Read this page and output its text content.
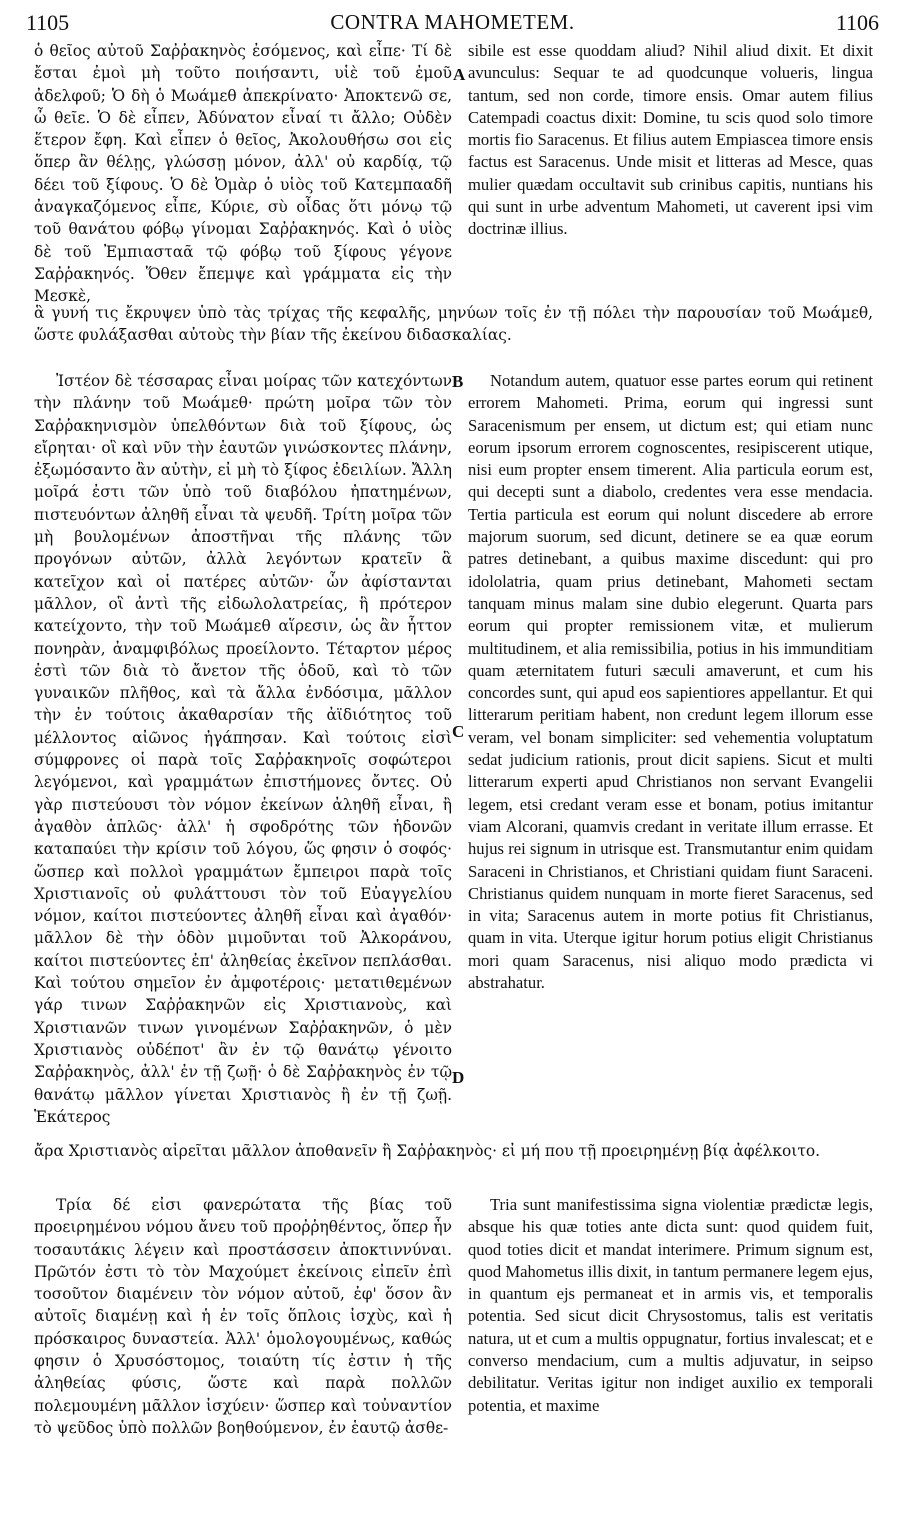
1105	CONTRA MAHOMETEM.	1106

ὁ θεῖος αὐτοῦ Σαῤῥακηνὸς ἐσόμενος, καὶ εἶπε· Τί δὲ ἔσται ἐμοὶ μὴ τοῦτο ποιήσαντι, υἱὲ τοῦ ἐμοῦ ἀδελφοῦ; Ὁ δὴ ὁ Μωάμεθ ἀπεκρίνατο· Ἀποκτενῶ σε, ὦ θεῖε. Ὁ δὲ εἶπεν, Ἀδύνατον εἶναί τι ἄλλο; Οὐδὲν ἕτερον ἔφη. Καὶ εἶπεν ὁ θεῖος, Ἀκολουθήσω σοι εἰς ὅπερ ἂν θέλῃς, γλώσσῃ μόνον, ἀλλ' οὐ καρδίᾳ, τῷ δέει τοῦ ξίφους. Ὁ δὲ Ὀμὰρ ὁ υἱὸς τοῦ Κατεμπααδῆ ἀναγκαζόμενος εἶπε, Κύριε, σὺ οἶδας ὅτι μόνῳ τῷ τοῦ θανάτου φόβῳ γίνομαι Σαῤῥακηνός. Καὶ ὁ υἱὸς δὲ τοῦ Ἐμπιασταᾶ τῷ φόβῳ τοῦ ξίφους γέγονε Σαῤῥακηνός. Ὅθεν ἔπεμψε καὶ γράμματα εἰς τὴν Μεσκὲ,

sibile est esse quoddam aliud? Nihil aliud dixit. Et dixit avunculus: Sequar te ad quodcunque volueris, lingua tantum, sed non corde, timore ensis. Omar autem filius Catempadi coactus dixit: Domine, tu scis quod solo timore mortis fio Saracenus. Et filius autem Empiascea timore ensis factus est Saracenus. Unde misit et litteras ad Mesce, quas mulier quædam occultavit sub crinibus capitis, nuntians his qui sunt in urbe adventum Mahometi, ut caverent ipsi vim doctrinæ illius.

A

ἃ γυνή τις ἔκρυψεν ὑπὸ τὰς τρίχας τῆς κεφαλῆς, μηνύων τοῖς ἐν τῇ πόλει τὴν παρουσίαν τοῦ Μωάμεθ, ὥστε φυλάξασθαι αὐτοὺς τὴν βίαν τῆς ἐκείνου διδασκαλίας.

Ἰστέον δὲ τέσσαρας εἶναι μοίρας τῶν κατεχόντων τὴν πλάνην τοῦ Μωάμεθ· πρώτη μοῖρα τῶν τὸν Σαῤῥακηνισμὸν ὑπελθόντων διὰ τοῦ ξίφους, ὡς εἴρηται· οἳ καὶ νῦν τὴν ἑαυτῶν γινώσκοντες πλάνην, ἐξωμόσαντο ἂν αὐτὴν, εἰ μὴ τὸ ξίφος ἐδειλίων. Ἄλλη μοῖρά ἐστι τῶν ὑπὸ τοῦ διαβόλου ἠπατημένων, πιστευόντων ἀληθῆ εἶναι τὰ ψευδῆ. Τρίτη μοῖρα τῶν μὴ βουλομένων ἀποστῆναι τῆς πλάνης τῶν προγόνων αὐτῶν, ἀλλὰ λεγόντων κρατεῖν ἃ κατεῖχον καὶ οἱ πατέρες αὐτῶν· ὧν ἀφίστανται μᾶλλον, οἳ ἀντὶ τῆς εἰδωλολατρείας, ἣ πρότερον κατείχοντο, τὴν τοῦ Μωάμεθ αἵρεσιν, ὡς ἂν ἧττον πονηρὰν, ἀναμφιβόλως προείλοντο. Τέταρτον μέρος ἐστὶ τῶν διὰ τὸ ἄνετον τῆς ὁδοῦ, καὶ τὸ τῶν γυναικῶν πλῆθος, καὶ τὰ ἄλλα ἐνδόσιμα, μᾶλλον τὴν ἐν τούτοις ἀκαθαρσίαν τῆς ἀϊδιότητος τοῦ μέλλοντος αἰῶνος ἠγάπησαν. Καὶ τούτοις εἰσὶ σύμφρονες οἱ παρὰ τοῖς Σαῤῥακηνοῖς σοφώτεροι λεγόμενοι, καὶ γραμμάτων ἐπιστήμονες ὄντες. Οὐ γὰρ πιστεύουσι τὸν νόμον ἐκείνων ἀληθῆ εἶναι, ἢ ἀγαθὸν ἁπλῶς· ἀλλ' ἡ σφοδρότης τῶν ἡδονῶν καταπαύει τὴν κρίσιν τοῦ λόγου, ὥς φησιν ὁ σοφός· ὥσπερ καὶ πολλοὶ γραμμάτων ἔμπειροι παρὰ τοῖς Χριστιανοῖς οὐ φυλάττουσι τὸν τοῦ Εὐαγγελίου νόμον, καίτοι πιστεύοντες ἀληθῆ εἶναι καὶ ἀγαθόν· μᾶλλον δὲ τὴν ὁδὸν μιμοῦνται τοῦ Ἀλκοράνου, καίτοι πιστεύοντες ἐπ' ἀληθείας ἐκεῖνον πεπλάσθαι. Καὶ τούτου σημεῖον ἐν ἀμφοτέροις· μετατιθεμένων γάρ τινων Σαῤῥακηνῶν εἰς Χριστιανοὺς, καὶ Χριστιανῶν τινων γινομένων Σαῤῥακηνῶν, ὁ μὲν Χριστιανὸς οὐδέποτ' ἂν ἐν τῷ θανάτῳ γένοιτο Σαῤῥακηνὸς, ἀλλ' ἐν τῇ ζωῇ· ὁ δὲ Σαῤῥακηνὸς ἐν τῷ θανάτῳ μᾶλλον γίνεται Χριστιανὸς ἢ ἐν τῇ ζωῇ. Ἑκάτερος

Notandum autem, quatuor esse partes eorum qui retinent errorem Mahometi. Prima, eorum qui ingressi sunt Saracenismum per ensem, ut dictum est; qui etiam nunc eorum ipsorum errorem cognoscentes, resipiscerent utique, nisi eum propter ensem timerent. Alia particula eorum est, qui decepti sunt a diabolo, credentes vera esse mendacia. Tertia particula est eorum qui nolunt discedere ab errore majorum suorum, sed dicunt, detinere se ea quæ eorum patres detinebant, a quibus maxime discedunt: qui pro idololatria, quam prius detinebant, Mahometi sectam tanquam minus malam sine dubio elegerunt. Quarta pars eorum qui propter remissionem vitæ, et mulierum multitudinem, et alia remissibilia, potius in his immunditiam quam æternitatem futuri sæculi amaverunt, et cum his concordes sunt, qui apud eos sapientiores appellantur. Et qui litterarum peritiam habent, non credunt legem illorum esse veram, vel bonam simpliciter: sed vehementia voluptatum sedat judicium rationis, prout dicit sapiens. Sicut et multi litterarum experti apud Christianos non servant Evangelii legem, etsi credant veram esse et bonam, potius imitantur viam Alcorani, quamvis credant in veritate illum errasse. Et hujus rei signum in utrisque est. Transmutantur enim quidam Saraceni in Christianos, et Christiani quidam fiunt Saraceni. Christianus quidem nunquam in morte fieret Saracenus, sed in vita; Saracenus autem in morte potius fit Christianus, quam in vita. Uterque igitur horum potius eligit Christianus mori quam Saracenus, nisi aliquo modo prædicta vi abstrahatur.

B
C
D

ἄρα Χριστιανὸς αἱρεῖται μᾶλλον ἀποθανεῖν ἢ Σαῤῥακηνὸς· εἰ μή που τῇ προειρημένῃ βίᾳ ἀφέλκοιτο.

Τρία δέ εἰσι φανερώτατα τῆς βίας τοῦ προειρημένου νόμου ἄνευ τοῦ προῤῥηθέντος, ὅπερ ἦν τοσαυτάκις λέγειν καὶ προστάσσειν ἀποκτιννύναι. Πρῶτόν ἐστι τὸ τὸν Μαχούμετ ἐκείνοις εἰπεῖν ἐπὶ τοσοῦτον διαμένειν τὸν νόμον αὐτοῦ, ἐφ' ὅσον ἂν αὐτοῖς διαμένῃ καὶ ἡ ἐν τοῖς ὅπλοις ἰσχὺς, καὶ ἡ πρόσκαιρος δυναστεία. Ἀλλ' ὁμολογουμένως, καθώς φησιν ὁ Χρυσόστομος, τοιαύτη τίς ἐστιν ἡ τῆς ἀληθείας φύσις, ὥστε καὶ παρὰ πολλῶν πολεμουμένη μᾶλλον ἰσχύειν· ὥσπερ καὶ τοὐναντίον τὸ ψεῦδος ὑπὸ πολλῶν βοηθούμενον, ἐν ἑαυτῷ ἀσθε-

Tria sunt manifestissima signa violentiæ prædictæ legis, absque his quæ toties ante dicta sunt: quod quidem fuit, quod toties dicit et mandat interimere. Primum signum est, quod Mahometus illis dixit, in tantum permanere legem ejus, in quantum ejs permaneat et in armis vis, et temporalis potentia. Sed sicut dicit Chrysostomus, talis est veritatis natura, ut et cum a multis oppugnatur, fortius invalescat; et e converso mendacium, cum a multis adjuvatur, in seipso debilitatur. Veritas igitur non indiget auxilio ex temporali potentia, et maxime
